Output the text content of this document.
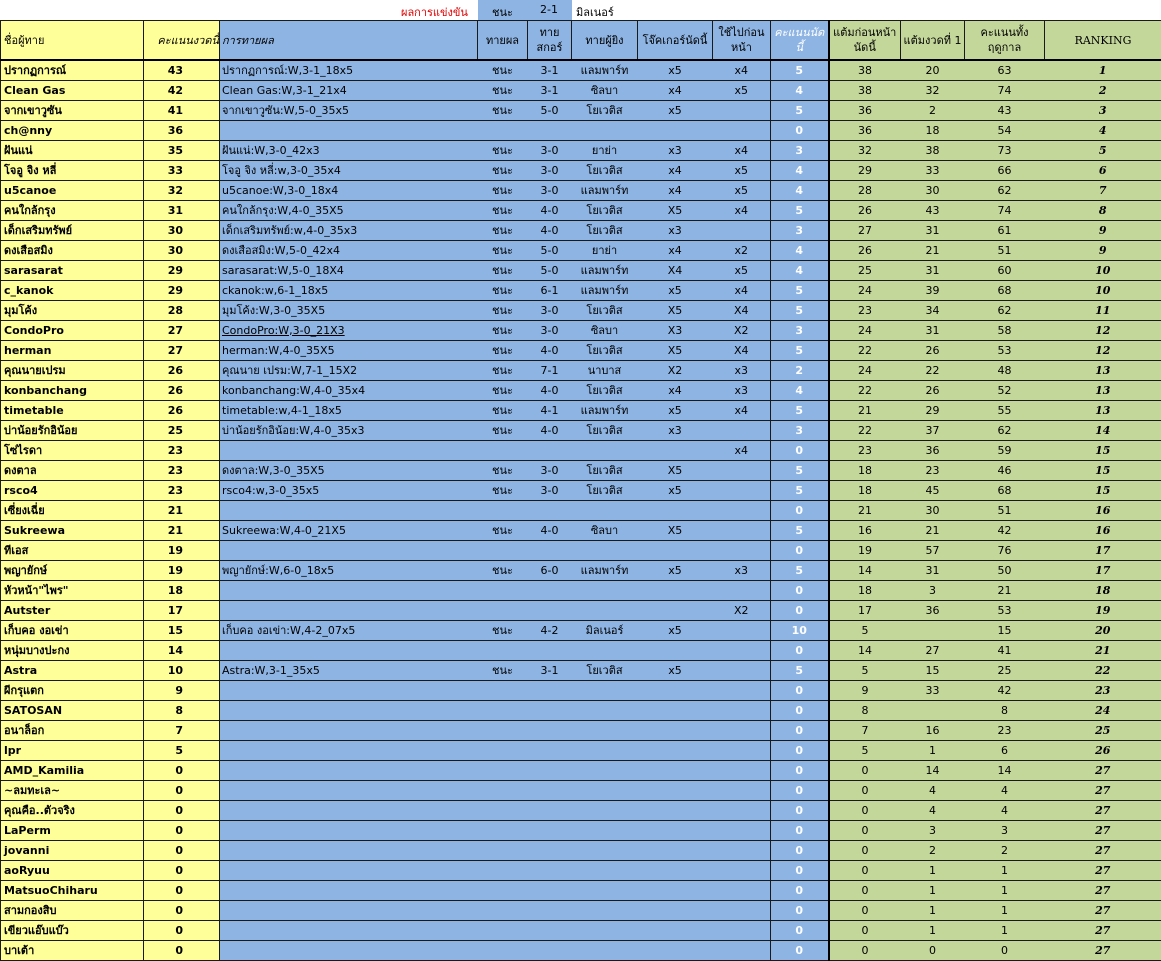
ผลการแข่งขัน ชนะ 2-1 มิลเนอร์
ชื่อผู้ทาย	คะแนนงวดนี้	การทายผล	ทายผล	ทายสกอร์	ทายผู้ยิง	โจ๊คเกอร์นัดนี้	ใช้ไปก่อนหน้า	คะแนนนัดนี้	แต้มก่อนหน้านัดนี้	แต้มงวดที่ 1	คะแนนทั้งฤดูกาล	RANKING
ปรากฏการณ์	43	ปรากฏการณ์:W,3-1_18x5	ชนะ	3-1	แลมพาร์ท	x5	x4	5	38	20	63	1
Clean Gas	42	Clean Gas:W,3-1_21x4	ชนะ	3-1	ซิลบา	x4	x5	4	38	32	74	2
จากเขาวูซัน	41	จากเขาวูซัน:W,5-0_35x5	ชนะ	5-0	โยเวติส	x5		5	36	2	43	3
ch@nny	36							0	36	18	54	4
ฝันแน่	35	ฝันแน่:W,3-0_42x3	ชนะ	3-0	ยาย่า	x3	x4	3	32	38	73	5
โจอู จิง หลี่	33	โจอู จิง หลี่:w,3-0_35x4	ชนะ	3-0	โยเวติส	x4	x5	4	29	33	66	6
u5canoe	32	u5canoe:W,3-0_18x4	ชนะ	3-0	แลมพาร์ท	x4	x5	4	28	30	62	7
คนใกล้กรุง	31	คนใกล้กรุง:W,4-0_35X5	ชนะ	4-0	โยเวติส	X5	x4	5	26	43	74	8
เด็กเสริมทรัพย์	30	เด็กเสริมทรัพย์:w,4-0_35x3	ชนะ	4-0	โยเวติส	x3		3	27	31	61	9
ดงเสือสมิง	30	ดงเสือสมิง:W,5-0_42x4	ชนะ	5-0	ยาย่า	x4	x2	4	26	21	51	9
sarasarat	29	sarasarat:W,5-0_18X4	ชนะ	5-0	แลมพาร์ท	X4	x5	4	25	31	60	10
c_kanok	29	ckanok:w,6-1_18x5	ชนะ	6-1	แลมพาร์ท	x5	x4	5	24	39	68	10
มุมโค้ง	28	มุมโค้ง:W,3-0_35X5	ชนะ	3-0	โยเวติส	X5	X4	5	23	34	62	11
CondoPro	27	CondoPro:W,3-0_21X3	ชนะ	3-0	ซิลบา	X3	X2	3	24	31	58	12
herman	27	herman:W,4-0_35X5	ชนะ	4-0	โยเวติส	X5	X4	5	22	26	53	12
คุณนายเปรม	26	คุณนาย เปรม:W,7-1_15X2	ชนะ	7-1	นาบาส	X2	x3	2	24	22	48	13
konbanchang	26	konbanchang:W,4-0_35x4	ชนะ	4-0	โยเวติส	x4	x3	4	22	26	52	13
timetable	26	timetable:w,4-1_18x5	ชนะ	4-1	แลมพาร์ท	x5	x4	5	21	29	55	13
บ่าน้อยรักอิน้อย	25	บ่าน้อยรักอิน้อย:W,4-0_35x3	ชนะ	4-0	โยเวติส	x3		3	22	37	62	14
โซ่ไรดา	23						x4	0	23	36	59	15
ดงตาล	23	ดงตาล:W,3-0_35X5	ชนะ	3-0	โยเวติส	X5		5	18	23	46	15
rsco4	23	rsco4:w,3-0_35x5	ชนะ	3-0	โยเวติส	x5		5	18	45	68	15
เซี่ยงเฉี่ย	21							0	21	30	51	16
Sukreewa	21	Sukreewa:W,4-0_21X5	ชนะ	4-0	ซิลบา	X5		5	16	21	42	16
ทีเอส	19							0	19	57	76	17
พญายักษ์	19	พญายักษ์:W,6-0_18x5	ชนะ	6-0	แลมพาร์ท	x5	x3	5	14	31	50	17
หัวหน้า"ไพร"	18							0	18	3	21	18
Autster	17						X2	0	17	36	53	19
เก็บคอ งอเข่า	15	เก็บคอ งอเข่า:W,4-2_07x5	ชนะ	4-2	มิลเนอร์	x5		10	5		15	20
หนุ่มบางปะกง	14							0	14	27	41	21
Astra	10	Astra:W,3-1_35x5	ชนะ	3-1	โยเวติส	x5		5	5	15	25	22
ผีกรุแตก	9							0	9	33	42	23
SATOSAN	8							0	8		8	24
อนาล็อก	7							0	7	16	23	25
lpr	5							0	5	1	6	26
AMD_Kamilia	0							0	0	14	14	27
~ลมทะเล~	0							0	0	4	4	27
คุณคือ..ตัวจริง	0							0	0	4	4	27
LaPerm	0							0	0	3	3	27
jovanni	0							0	0	2	2	27
aoRyuu	0							0	0	1	1	27
MatsuoChiharu	0							0	0	1	1	27
สามกองสิบ	0							0	0	1	1	27
เขียวแอ๊บแบ๊ว	0							0	0	1	1	27
บาเต้า	0							0	0	0	0	27
